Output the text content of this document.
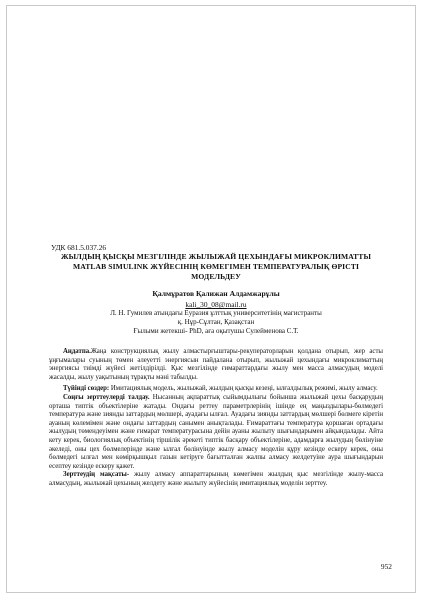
УДК 681.5.037.26
ЖЫЛДЫҢ ҚЫСҚЫ МЕЗГІЛІНДЕ ЖЫЛЫЖАЙ ЦЕХЫНДАҒЫ МИКРОКЛИМАТТЫ
MATLAB SIMULINK ЖҮЙЕСІНІҢ КӨМЕГІМЕН ТЕМПЕРАТУРАЛЫҚ ӨРІСТІ
МОДЕЛЬДЕУ
Қалмұратов Қалижан Алдамжарұлы
kali_30_08@mail.ru
Л. Н. Гумилев атындағы Еуразия ұлттық университетінің магистранты
қ. Нұр-Сұлтан, Қазақстан
Ғылыми жетекші- PhD, аға оқытушы Сулейменова С.Т.

Аңдатпа.Жаңа конструкциялық жылу алмастырғыштары-рекуператорларын қолдана отырып, жер асты ұңғымалары суының төмен әлеуетті энергиясын пайдалана отырып, жылыжай цехындағы микроклиматтың энергиясы тиімді жүйесі жетілдірілді. Қыс мезгілінде ғимараттардағы жылу мен масса алмасудың моделі жасалды, жылу уақытының тұрақты мәні табылды.

Түйінді сөздер: Имитациялық модель, жылыжай, жылдың қысқы кезеңі, ылғалдылық режимі, жылу алмасу.

Соңғы зерттеулерді талдау. Нысанның ақпараттық сыйымдылығы бойынша жылыжай цехы басқарудың орташа типтік объектілеріне жатады. Ондағы реттеу параметрлерінің ішінде ең маңыздылары-бөлмедегі температура және зиянды заттардың мөлшері, ауадағы ылғал. Ауадағы зиянды заттардың мөлшері бөлмеге кіретін ауаның көлемімен және ондағы заттардың санымен анықталады. Ғимараттағы температура қоршаған ортадағы жылудың төмендеуімен және ғимарат температурасына дейін ауаны жылыту шығындарымен айқындалады. Айта кету керек, биологиялық объектінің тіршілік әрекеті типтік басқару объектілеріне, адамдарға жылудың бөлінуіне әкеледі, оны цех бөлмелерінде және ылғал бөлінуінде жылу алмасу моделін құру кезінде ескеру керек, оны бөлмедегі ылғал мен көмірқышқыл газын кетіруге бағытталған жалпы алмасу желдетуіне аура шығындарын есептеу кезінде ескеру қажет.

Зерттеудің мақсаты- жылу алмасу аппараттарының көмегімен жылдың қыс мезгілінде жылу-масса алмасудың, жылыжай цехының желдету және жылыту жүйесінің имитациялық моделін зерттеу.

952
